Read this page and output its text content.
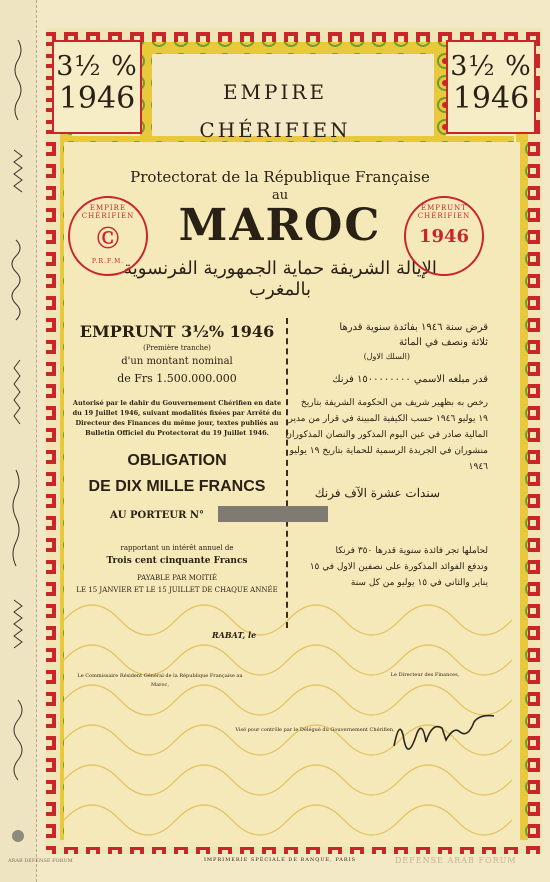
3½ %
1946
3½ %
1946
EMPIRE
CHÉRIFIEN
Protectorat de la République Française
au
MAROC
الإيالة الشريفة حماية الجمهورية الفرنسوية بالمغرب
EMPIRE CHÉRIFIEN
Ⓒ
P.R.F.M.
EMPRUNT CHÉRIFIEN
1946
EMPRUNT 3½% 1946
(Première tranche)
d'un montant nominal
de Frs 1.500.000.000
Autorisé par le dahir du Gouvernement Chérifien en date du 19 Juillet 1946, suivant modalités fixées par Arrêté du Directeur des Finances du même jour, textes publiés au Bulletin Officiel du Protectorat du 19 Juillet 1946.
OBLIGATION
DE DIX MILLE FRANCS
AU PORTEUR N°
rapportant un intérêt annuel de
Trois cent cinquante Francs
PAYABLE PAR MOITIÉ
LE 15 JANVIER ET LE 15 JUILLET DE CHAQUE ANNÉE
قرض سنة ١٩٤٦ بفائدة سنوية قدرها
ثلاثة ونصف في المائة
(السلك الاول)
قدر مبلغه الاسمي ١٥٠٠٠٠٠٠٠٠ فرنك
رخص به بظهير شريف من الحكومة الشريفة بتاريخ
١٩ يوليو ١٩٤٦ حسب الكيفية المبينة في قرار من مدير
المالية صادر في عين اليوم المذكور والنصان المذكوران
منشوران في الجريدة الرسمية للحماية بتاريخ ١٩ يوليو
١٩٤٦
سندات عشرة الآف فرنك
لحاملها تجر فائدة سنوية قدرها ٣٥٠ فرنكا
وتدفع الفوائد المذكورة على نصفين الاول في ١٥
يناير والثاني في ١٥ يوليو من كل سنة
RABAT, le
Le Commissaire Résident Général de la République Française au Maroc,
Le Directeur des Finances,
Visé pour contrôle par le Délégué du Gouvernement Chérifien,
IMPRIMERIE SPÉCIALE DE BANQUE, PARIS	DEFENSE ARAB FORUM
ARAB DEFENSE FORUM
